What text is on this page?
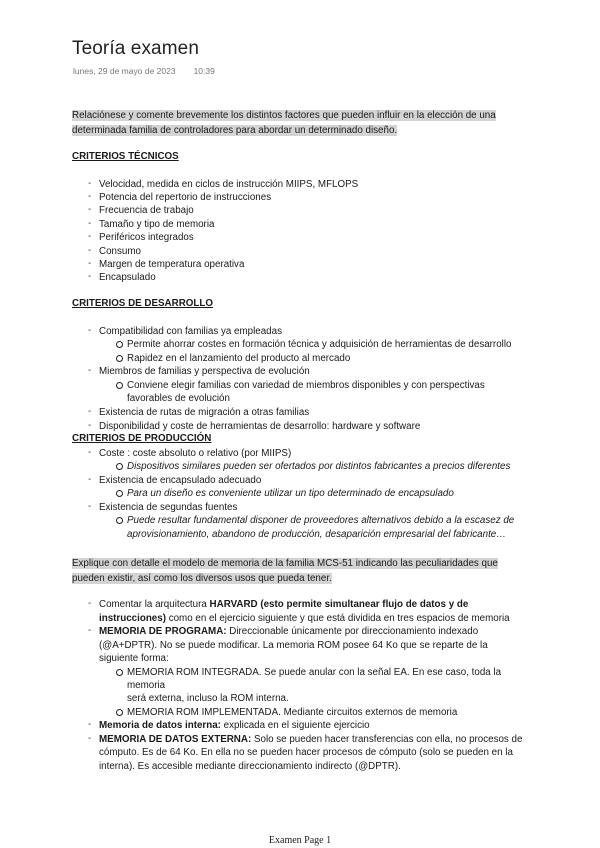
Teoría examen
lunes, 29 de mayo de 2023 10:39
Relaciónese y comente brevemente los distintos factores que pueden influir en la elección de una
determinada familia de controladores para abordar un determinado diseño.
CRITERIOS TÉCNICOS
- Velocidad, medida en ciclos de instrucción MIIPS, MFLOPS
- Potencia del repertorio de instrucciones
- Frecuencia de trabajo
- Tamaño y tipo de memoria
- Periféricos integrados
- Consumo
- Margen de temperatura operativa
- Encapsulado
CRITERIOS DE DESARROLLO
- Compatibilidad con familias ya empleadas
Permite ahorrar costes en formación técnica y adquisición de herramientas de desarrollo
Rapidez en el lanzamiento del producto al mercado
- Miembros de familias y perspectiva de evolución
Conviene elegir familias con variedad de miembros disponibles y con perspectivas
favorables de evolución
- Existencia de rutas de migración a otras familias
- Disponibilidad y coste de herramientas de desarrollo: hardware y software
CRITERIOS DE PRODUCCIÓN
- Coste : coste absoluto o relativo (por MIIPS)
Dispositivos similares pueden ser ofertados por distintos fabricantes a precios diferentes
- Existencia de encapsulado adecuado
Para un diseño es conveniente utilizar un tipo determinado de encapsulado
- Existencia de segundas fuentes
Puede resultar fundamental disponer de proveedores alternativos debido a la escasez de
aprovisionamiento, abandono de producción, desaparición empresarial del fabricante…
Explique con detalle el modelo de memoria de la familia MCS-51 indicando las peculiaridades que
pueden existir, así como los diversos usos que pueda tener.
- Comentar la arquitectura HARVARD (esto permite simultanear flujo de datos y de
instrucciones) como en el ejercicio siguiente y que está dividida en tres espacios de memoria
- MEMORIA DE PROGRAMA: Direccionable únicamente por direccionamiento indexado
(@A+DPTR). No se puede modificar. La memoria ROM posee 64 Ko que se reparte de la
siguiente forma:
MEMORIA ROM INTEGRADA. Se puede anular con la señal EA. En ese caso, toda la
memoria
será externa, incluso la ROM interna.
MEMORIA ROM IMPLEMENTADA. Mediante circuitos externos de memoria
- Memoria de datos interna: explicada en el siguiente ejercicio
- MEMORIA DE DATOS EXTERNA: Solo se pueden hacer transferencias con ella, no procesos de
cómputo. Es de 64 Ko. En ella no se pueden hacer procesos de cómputo (solo se pueden en la
interna). Es accesible mediante direccionamiento indirecto (@DPTR).
Examen Page 1
